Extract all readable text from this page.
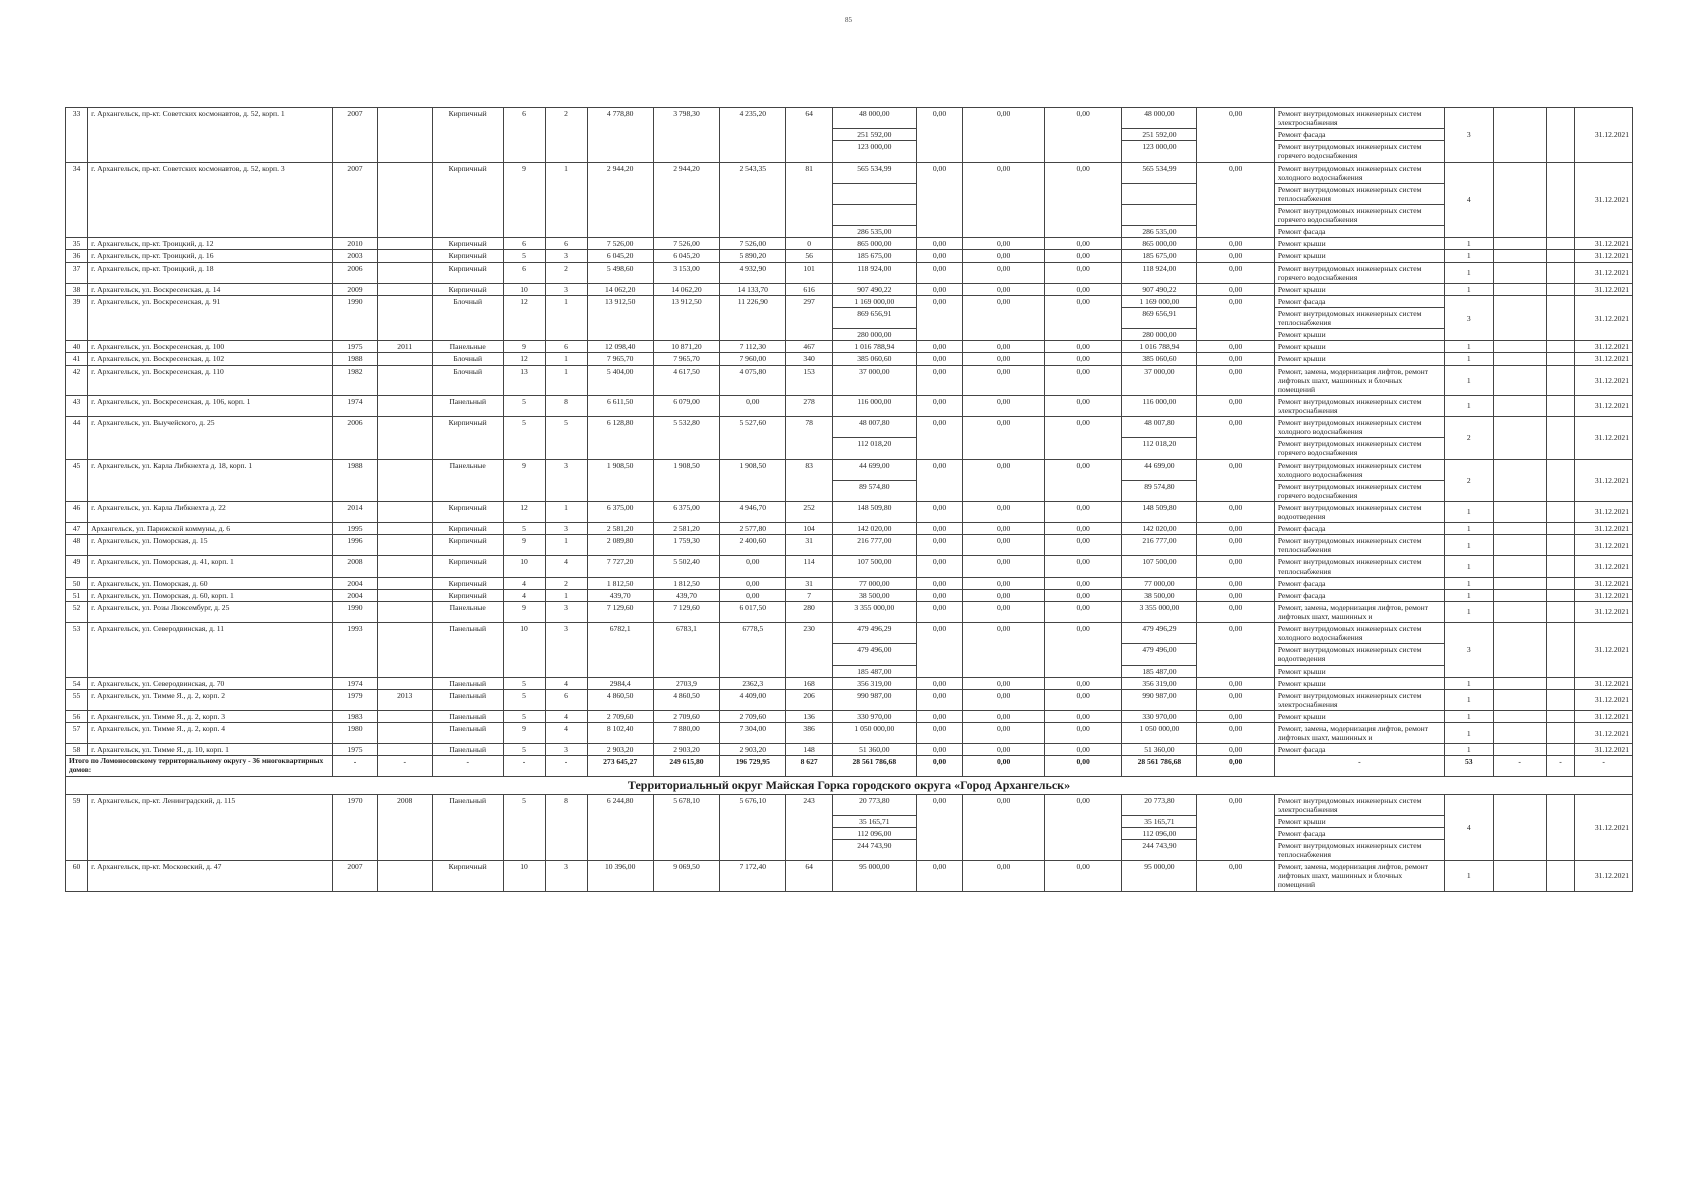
85
33	г. Архангельск, пр-кт. Советских космонавтов, д. 52, корп. 1	2007		Кирпичный	6	2	4 778,80	3 798,30	4 235,20	64	48 000,00	0,00	0,00	0,00	48 000,00	0,00	Ремонт внутридомовых инженерных систем электроснабжения	3			31.12.2021
											251 592,00				251 592,00		Ремонт фасада				
											123 000,00				123 000,00		Ремонт внутридомовых инженерных систем горячего водоснабжения				
34	г. Архангельск, пр-кт. Советских космонавтов, д. 52, корп. 3	2007		Кирпичный	9	1	2 944,20	2 944,20	2 543,35	81	565 534,99	0,00	0,00	0,00	565 534,99	0,00	Ремонт внутридомовых инженерных систем холодного водоснабжения	4			31.12.2021
																	Ремонт внутридомовых инженерных систем теплоснабжения				
																	Ремонт внутридомовых инженерных систем горячего водоснабжения				
											286 535,00				286 535,00		Ремонт фасада				
35	г. Архангельск, пр-кт. Троицкий, д. 12	2010		Кирпичный	6	6	7 526,00	7 526,00	7 526,00	0	865 000,00	0,00	0,00	0,00	865 000,00	0,00	Ремонт крыши	1			31.12.2021
36	г. Архангельск, пр-кт. Троицкий, д. 16	2003		Кирпичный	5	3	6 045,20	6 045,20	5 890,20	56	185 675,00	0,00	0,00	0,00	185 675,00	0,00	Ремонт крыши	1			31.12.2021
37	г. Архангельск, пр-кт. Троицкий, д. 18	2006		Кирпичный	6	2	5 498,60	3 153,00	4 932,90	101	118 924,00	0,00	0,00	0,00	118 924,00	0,00	Ремонт внутридомовых инженерных систем горячего водоснабжения	1			31.12.2021
38	г. Архангельск, ул. Воскресенская, д. 14	2009		Кирпичный	10	3	14 062,20	14 062,20	14 133,70	616	907 490,22	0,00	0,00	0,00	907 490,22	0,00	Ремонт крыши	1			31.12.2021
39	г. Архангельск, ул. Воскресенская, д. 91	1990		Блочный	12	1	13 912,50	13 912,50	11 226,90	297	1 169 000,00	0,00	0,00	0,00	1 169 000,00	0,00	Ремонт фасада	3			31.12.2021
											869 656,91				869 656,91		Ремонт внутридомовых инженерных систем теплоснабжения				
											280 000,00				280 000,00		Ремонт крыши				
40	г. Архангельск, ул. Воскресенская, д. 100	1975	2011	Панельные	9	6	12 098,40	10 871,20	7 112,30	467	1 016 788,94	0,00	0,00	0,00	1 016 788,94	0,00	Ремонт крыши	1			31.12.2021
41	г. Архангельск, ул. Воскресенская, д. 102	1988		Блочный	12	1	7 965,70	7 965,70	7 960,00	340	385 060,60	0,00	0,00	0,00	385 060,60	0,00	Ремонт крыши	1			31.12.2021
42	г. Архангельск, ул. Воскресенская, д. 110	1982		Блочный	13	1	5 404,00	4 617,50	4 075,80	153	37 000,00	0,00	0,00	0,00	37 000,00	0,00	Ремонт, замена, модернизация лифтов, ремонт лифтовых шахт, машинных и блочных помещений	1			31.12.2021
43	г. Архангельск, ул. Воскресенская, д. 106, корп. 1	1974		Панельный	5	8	6 611,50	6 079,00	0,00	278	116 000,00	0,00	0,00	0,00	116 000,00	0,00	Ремонт внутридомовых инженерных систем электроснабжения	1			31.12.2021
44	г. Архангельск, ул. Выучейского, д. 25	2006		Кирпичный	5	5	6 128,80	5 532,80	5 527,60	78	48 007,80	0,00	0,00	0,00	48 007,80	0,00	Ремонт внутридомовых инженерных систем холодного водоснабжения	2			31.12.2021
											112 018,20				112 018,20		Ремонт внутридомовых инженерных систем горячего водоснабжения				
45	г. Архангельск, ул. Карла Либкнехта д. 18, корп. 1	1988		Панельные	9	3	1 908,50	1 908,50	1 908,50	83	44 699,00	0,00	0,00	0,00	44 699,00	0,00	Ремонт внутридомовых инженерных систем холодного водоснабжения	2			31.12.2021
											89 574,80				89 574,80		Ремонт внутридомовых инженерных систем горячего водоснабжения				
46	г. Архангельск, ул. Карла Либкнехта д. 22	2014		Кирпичный	12	1	6 375,00	6 375,00	4 946,70	252	148 509,80	0,00	0,00	0,00	148 509,80	0,00	Ремонт внутридомовых инженерных систем водоотведения	1			31.12.2021
47	Архангельск, ул. Парижской коммуны, д. 6	1995		Кирпичный	5	3	2 581,20	2 581,20	2 577,80	104	142 020,00	0,00	0,00	0,00	142 020,00	0,00	Ремонт фасада	1			31.12.2021
48	г. Архангельск, ул. Поморская, д. 15	1996		Кирпичный	9	1	2 089,80	1 759,30	2 400,60	31	216 777,00	0,00	0,00	0,00	216 777,00	0,00	Ремонт внутридомовых инженерных систем теплоснабжения	1			31.12.2021
49	г. Архангельск, ул. Поморская, д. 41, корп. 1	2008		Кирпичный	10	4	7 727,20	5 502,40	0,00	114	107 500,00	0,00	0,00	0,00	107 500,00	0,00	Ремонт внутридомовых инженерных систем теплоснабжения	1			31.12.2021
50	г. Архангельск, ул. Поморская, д. 60	2004		Кирпичный	4	2	1 812,50	1 812,50	0,00	31	77 000,00	0,00	0,00	0,00	77 000,00	0,00	Ремонт фасада	1			31.12.2021
51	г. Архангельск, ул. Поморская, д. 60, корп. 1	2004		Кирпичный	4	1	439,70	439,70	0,00	7	38 500,00	0,00	0,00	0,00	38 500,00	0,00	Ремонт фасада	1			31.12.2021
52	г. Архангельск, ул. Розы Люксембург, д. 25	1990		Панельные	9	3	7 129,60	7 129,60	6 017,50	280	3 355 000,00	0,00	0,00	0,00	3 355 000,00	0,00	Ремонт, замена, модернизация лифтов, ремонт лифтовых шахт, машинных и	1			31.12.2021
53	г. Архангельск, ул. Северодвинская, д. 11	1993		Панельный	10	3	6782,1	6783,1	6778,5	230	479 496,29	0,00	0,00	0,00	479 496,29	0,00	Ремонт внутридомовых инженерных систем холодного водоснабжения	3			31.12.2021
											479 496,00				479 496,00		Ремонт внутридомовых инженерных систем водоотведения				
											185 487,00				185 487,00		Ремонт крыши				
54	г. Архангельск, ул. Северодвинская, д. 70	1974		Панельный	5	4	2984,4	2703,9	2362,3	168	356 319,00	0,00	0,00	0,00	356 319,00	0,00	Ремонт крыши	1			31.12.2021
55	г. Архангельск, ул. Тимме Я., д. 2, корп. 2	1979	2013	Панельный	5	6	4 860,50	4 860,50	4 409,00	206	990 987,00	0,00	0,00	0,00	990 987,00	0,00	Ремонт внутридомовых инженерных систем электроснабжения	1			31.12.2021
56	г. Архангельск, ул. Тимме Я., д. 2, корп. 3	1983		Панельный	5	4	2 709,60	2 709,60	2 709,60	136	330 970,00	0,00	0,00	0,00	330 970,00	0,00	Ремонт крыши	1			31.12.2021
57	г. Архангельск, ул. Тимме Я., д. 2, корп. 4	1980		Панельный	9	4	8 102,40	7 880,00	7 304,00	386	1 050 000,00	0,00	0,00	0,00	1 050 000,00	0,00	Ремонт, замена, модернизация лифтов, ремонт лифтовых шахт, машинных и	1			31.12.2021
58	г. Архангельск, ул. Тимме Я., д. 10, корп. 1	1975		Панельный	5	3	2 903,20	2 903,20	2 903,20	148	51 360,00	0,00	0,00	0,00	51 360,00	0,00	Ремонт фасада	1			31.12.2021
Итого по Ломоносовскому территориальному округу - 36 многоквартирных домов:		-	-	-	-	-	273 645,27	249 615,80	196 729,95	8 627	28 561 786,68	0,00	0,00	0,00	28 561 786,68	0,00	-	53	-	-	-
Территориальный округ Майская Горка городского округа «Город Архангельск»																					
59	г. Архангельск, пр-кт. Ленинградский, д. 115	1970	2008	Панельный	5	8	6 244,80	5 678,10	5 676,10	243	20 773,80	0,00	0,00	0,00	20 773,80	0,00	Ремонт внутридомовых инженерных систем электроснабжения	4			31.12.2021
											35 165,71				35 165,71		Ремонт крыши				
											112 096,00				112 096,00		Ремонт фасада				
											244 743,90				244 743,90		Ремонт внутридомовых инженерных систем теплоснабжения				
60	г. Архангельск, пр-кт. Московский, д. 47	2007		Кирпичный	10	3	10 396,00	9 069,50	7 172,40	64	95 000,00	0,00	0,00	0,00	95 000,00	0,00	Ремонт, замена, модернизация лифтов, ремонт лифтовых шахт, машинных и блочных помещений	1			31.12.2021
